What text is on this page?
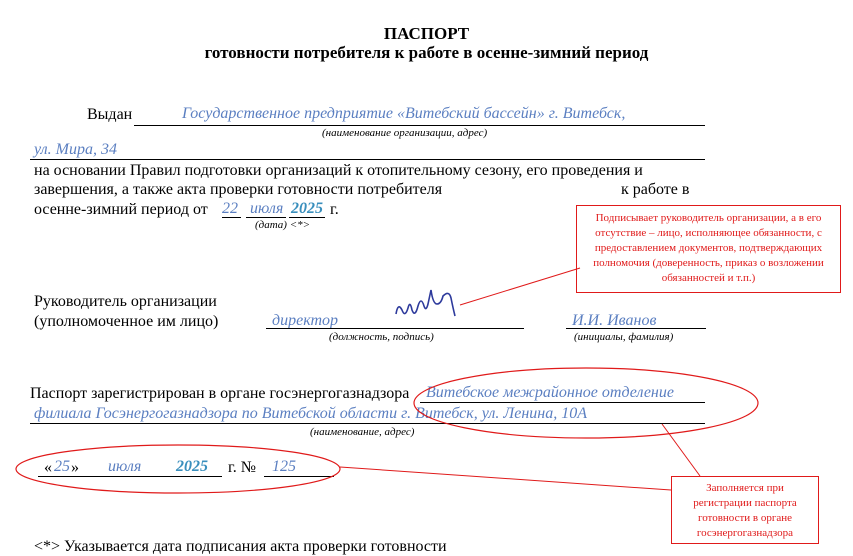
ПАСПОРТ
готовности потребителя к работе в осенне-зимний период
Выдан	Государственное предприятие «Витебский бассейн» г. Витебск,
(наименование организации, адрес)
ул. Мира, 34
на основании Правил подготовки организаций к отопительному сезону, его проведения и
завершения, а также акта проверки готовности потребителя	к работе в
осенне-зимний период от 22 июля 2025 г.
(дата) <*>
Подписывает руководитель организации, а в его отсутствие – лицо, исполняющее обязанности, с предоставлением документов, подтверждающих полномочия (доверенность, приказ о возложении обязанностей и т.п.)
Руководитель организации
(уполномоченное им лицо)	директор
(должность, подпись)
И.И. Иванов
(инициалы, фамилия)
Паспорт зарегистрирован в органе госэнергогазнадзора Витебское межрайонное отделение
филиала Госэнергогазнадзора по Витебской области г. Витебск, ул. Ленина, 10А
(наименование, адрес)
« 25 » июля 2025 г. № 125
Заполняется при регистрации паспорта готовности в органе госэнергогазнадзора
<*> Указывается дата подписания акта проверки готовности
